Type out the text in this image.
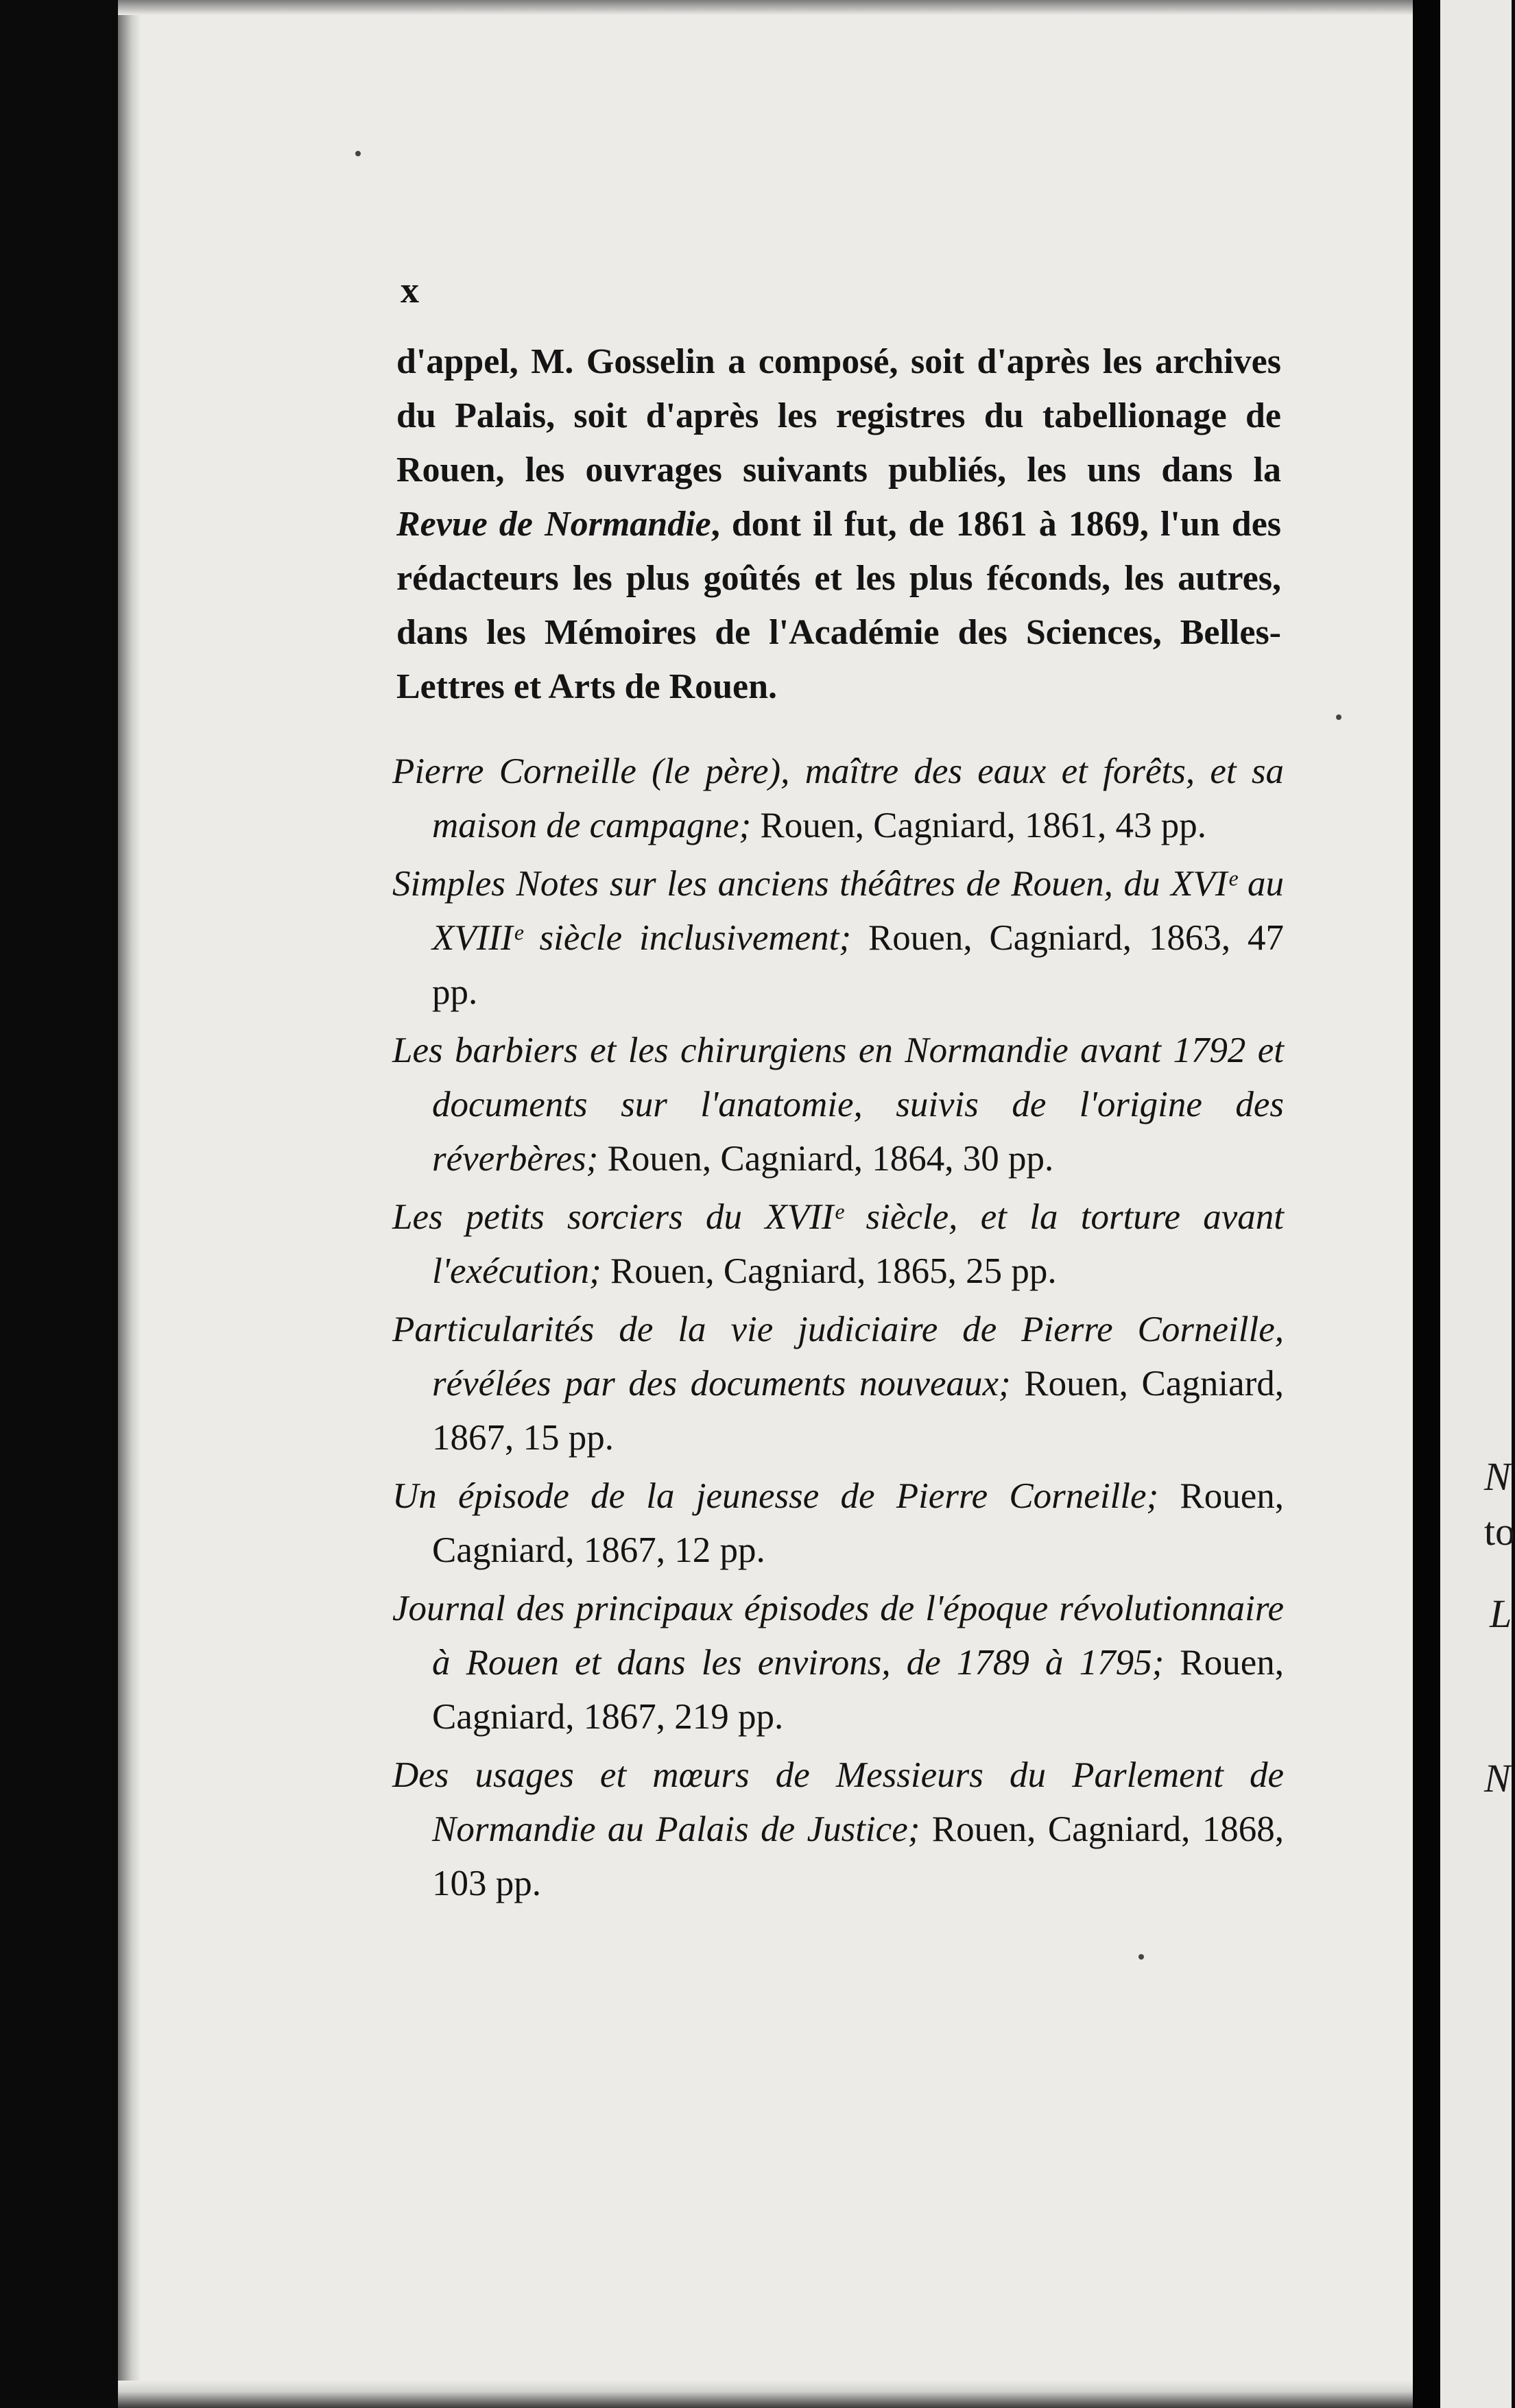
N
to
L
N
x

d'appel, M. Gosselin a composé, soit d'après les archives du Palais, soit d'après les registres du tabellionage de Rouen, les ouvrages suivants publiés, les uns dans la Revue de Normandie, dont il fut, de 1861 à 1869, l'un des rédacteurs les plus goûtés et les plus féconds, les autres, dans les Mémoires de l'Académie des Sciences, Belles-Lettres et Arts de Rouen.

Pierre Corneille (le père), maître des eaux et forêts, et sa maison de campagne; Rouen, Cagniard, 1861, 43 pp.
Simples Notes sur les anciens théâtres de Rouen, du XVIᵉ au XVIIIᵉ siècle inclusivement; Rouen, Cagniard, 1863, 47 pp.
Les barbiers et les chirurgiens en Normandie avant 1792 et documents sur l'anatomie, suivis de l'origine des réverbères; Rouen, Cagniard, 1864, 30 pp.
Les petits sorciers du XVIIᵉ siècle, et la torture avant l'exécution; Rouen, Cagniard, 1865, 25 pp.
Particularités de la vie judiciaire de Pierre Corneille, révélées par des documents nouveaux; Rouen, Cagniard, 1867, 15 pp.
Un épisode de la jeunesse de Pierre Corneille; Rouen, Cagniard, 1867, 12 pp.
Journal des principaux épisodes de l'époque révolutionnaire à Rouen et dans les environs, de 1789 à 1795; Rouen, Cagniard, 1867, 219 pp.
Des usages et mœurs de Messieurs du Parlement de Normandie au Palais de Justice; Rouen, Cagniard, 1868, 103 pp.
